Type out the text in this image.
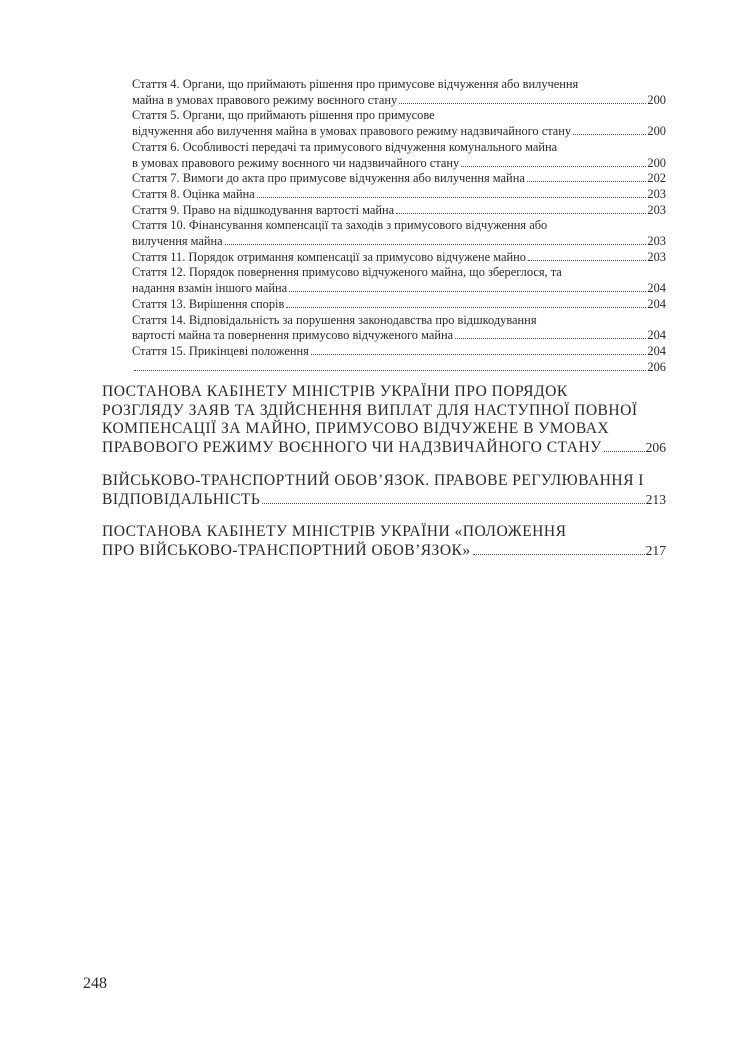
Стаття 4. Органи, що приймають рішення про примусове відчуження або вилучення
майна в умовах правового режиму воєнного стану	200
Стаття 5. Органи, що приймають рішення про примусове
відчуження або вилучення майна в умовах правового режиму надзвичайного стану	200
Стаття 6. Особливості передачі та примусового відчуження комунального майна
в умовах правового режиму воєнного чи надзвичайного стану	200
Стаття 7. Вимоги до акта про примусове відчуження або вилучення майна	202
Стаття 8. Оцінка майна	203
Стаття 9. Право на відшкодування вартості майна	203
Стаття 10. Фінансування компенсації та заходів з примусового відчуження або
вилучення майна	203
Стаття 11. Порядок отримання компенсації за примусово відчужене майно	203
Стаття 12. Порядок повернення примусово відчуженого майна, що збереглося, та
надання взамін іншого майна	204
Стаття 13. Вирішення спорів	204
Стаття 14. Відповідальність за порушення законодавства про відшкодування
вартості майна та повернення примусово відчуженого майна	204
Стаття 15. Прикінцеві положення	204
206
ПОСТАНОВА КАБІНЕТУ МІНІСТРІВ УКРАЇНИ ПРО ПОРЯДОК
РОЗГЛЯДУ ЗАЯВ ТА ЗДІЙСНЕННЯ ВИПЛАТ ДЛЯ НАСТУПНОЇ ПОВНОЇ
КОМПЕНСАЦІЇ ЗА МАЙНО, ПРИМУСОВО ВІДЧУЖЕНЕ В УМОВАХ
ПРАВОВОГО РЕЖИМУ ВОЄННОГО ЧИ НАДЗВИЧАЙНОГО СТАНУ	206
ВІЙСЬКОВО-ТРАНСПОРТНИЙ ОБОВ’ЯЗОК. ПРАВОВЕ РЕГУЛЮВАННЯ І
ВІДПОВІДАЛЬНІСТЬ	213
ПОСТАНОВА КАБІНЕТУ МІНІСТРІВ УКРАЇНИ «ПОЛОЖЕННЯ
ПРО ВІЙСЬКОВО-ТРАНСПОРТНИЙ ОБОВ’ЯЗОК»	217
248
